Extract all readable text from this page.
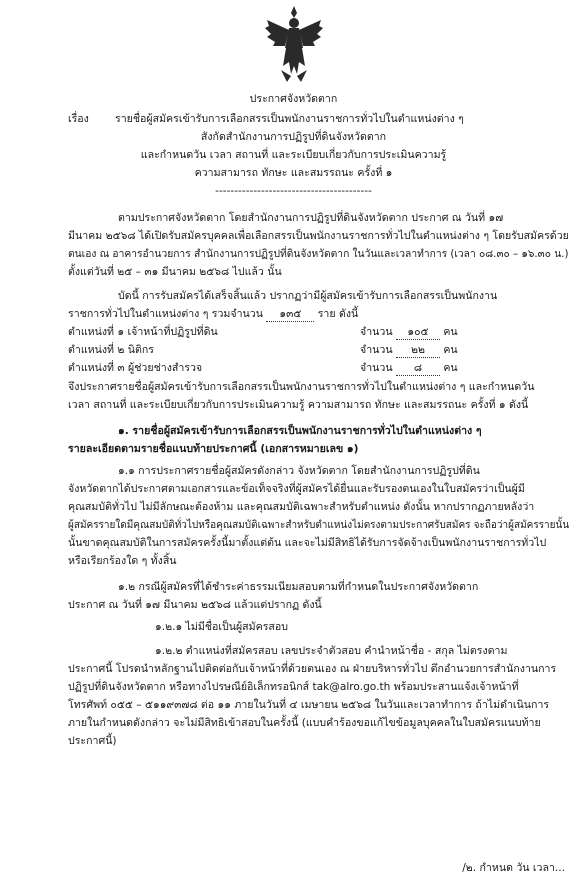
ประกาศจังหวัดตาก
เรื่อง รายชื่อผู้สมัครเข้ารับการเลือกสรรเป็นพนักงานราชการทั่วไปในตำแหน่งต่าง ๆ
สังกัดสำนักงานการปฏิรูปที่ดินจังหวัดตาก
และกำหนดวัน เวลา สถานที่ และระเบียบเกี่ยวกับการประเมินความรู้
ความสามารถ ทักษะ และสมรรถนะ ครั้งที่ ๑
-----------------------------------------
ตามประกาศจังหวัดตาก โดยสำนักงานการปฏิรูปที่ดินจังหวัดตาก ประกาศ ณ วันที่ ๑๗
มีนาคม ๒๕๖๘ ได้เปิดรับสมัครบุคคลเพื่อเลือกสรรเป็นพนักงานราชการทั่วไปในตำแหน่งต่าง ๆ โดยรับสมัครด้วย
ตนเอง ณ อาคารอำนวยการ สำนักงานการปฏิรูปที่ดินจังหวัดตาก ในวันและเวลาทำการ (เวลา ๐๘.๓๐ – ๑๖.๓๐ น.)
ตั้งแต่วันที่ ๒๕ – ๓๑ มีนาคม ๒๕๖๘ ไปแล้ว นั้น
บัดนี้ การรับสมัครได้เสร็จสิ้นแล้ว ปรากฏว่ามีผู้สมัครเข้ารับการเลือกสรรเป็นพนักงาน
ราชการทั่วไปในตำแหน่งต่าง ๆ รวมจำนวน ๑๓๕ ราย ดังนี้
ตำแหน่งที่ ๑ เจ้าหน้าที่ปฏิรูปที่ดิน	จำนวน ๑๐๕ คน
ตำแหน่งที่ ๒ นิติกร	จำนวน ๒๒ คน
ตำแหน่งที่ ๓ ผู้ช่วยช่างสำรวจ	จำนวน ๘ คน
จึงประกาศรายชื่อผู้สมัครเข้ารับการเลือกสรรเป็นพนักงานราชการทั่วไปในตำแหน่งต่าง ๆ และกำหนดวัน
เวลา สถานที่ และระเบียบเกี่ยวกับการประเมินความรู้ ความสามารถ ทักษะ และสมรรถนะ ครั้งที่ ๑ ดังนี้
๑. รายชื่อผู้สมัครเข้ารับการเลือกสรรเป็นพนักงานราชการทั่วไปในตำแหน่งต่าง ๆ
รายละเอียดตามรายชื่อแนบท้ายประกาศนี้ (เอกสารหมายเลข ๑)
๑.๑ การประกาศรายชื่อผู้สมัครดังกล่าว จังหวัดตาก โดยสำนักงานการปฏิรูปที่ดิน
จังหวัดตากได้ประกาศตามเอกสารและข้อเท็จจริงที่ผู้สมัครได้ยื่นและรับรองตนเองในใบสมัครว่าเป็นผู้มี
คุณสมบัติทั่วไป ไม่มีลักษณะต้องห้าม และคุณสมบัติเฉพาะสำหรับตำแหน่ง ดังนั้น หากปรากฏภายหลังว่า
ผู้สมัครรายใดมีคุณสมบัติทั่วไปหรือคุณสมบัติเฉพาะสำหรับตำแหน่งไม่ตรงตามประกาศรับสมัคร จะถือว่าผู้สมัครรายนั้น
นั้นขาดคุณสมบัติในการสมัครครั้งนี้มาตั้งแต่ต้น และจะไม่มีสิทธิได้รับการจัดจ้างเป็นพนักงานราชการทั่วไป
หรือเรียกร้องใด ๆ ทั้งสิ้น
๑.๒ กรณีผู้สมัครที่ได้ชำระค่าธรรมเนียมสอบตามที่กำหนดในประกาศจังหวัดตาก
ประกาศ ณ วันที่ ๑๗ มีนาคม ๒๕๖๘ แล้วแต่ปรากฏ ดังนี้
๑.๒.๑ ไม่มีชื่อเป็นผู้สมัครสอบ
๑.๒.๒ ตำแหน่งที่สมัครสอบ เลขประจำตัวสอบ คำนำหน้าชื่อ - สกุล ไม่ตรงตาม
ประกาศนี้ โปรดนำหลักฐานไปติดต่อกับเจ้าหน้าที่ด้วยตนเอง ณ ฝ่ายบริหารทั่วไป ตึกอำนวยการสำนักงานการ
ปฏิรูปที่ดินจังหวัดตาก หรือทางไปรษณีย์อิเล็กทรอนิกส์ tak@alro.go.th พร้อมประสานแจ้งเจ้าหน้าที่
โทรศัพท์ ๐๕๕ – ๕๑๑๙๓๗๘ ต่อ ๑๑ ภายในวันที่ ๔ เมษายน ๒๕๖๘ ในวันและเวลาทำการ ถ้าไม่ดำเนินการ
ภายในกำหนดดังกล่าว จะไม่มีสิทธิเข้าสอบในครั้งนี้ (แบบคำร้องขอแก้ไขข้อมูลบุคคลในใบสมัครแนบท้าย
ประกาศนี้)
/๒. กำหนด วัน เวลา...
